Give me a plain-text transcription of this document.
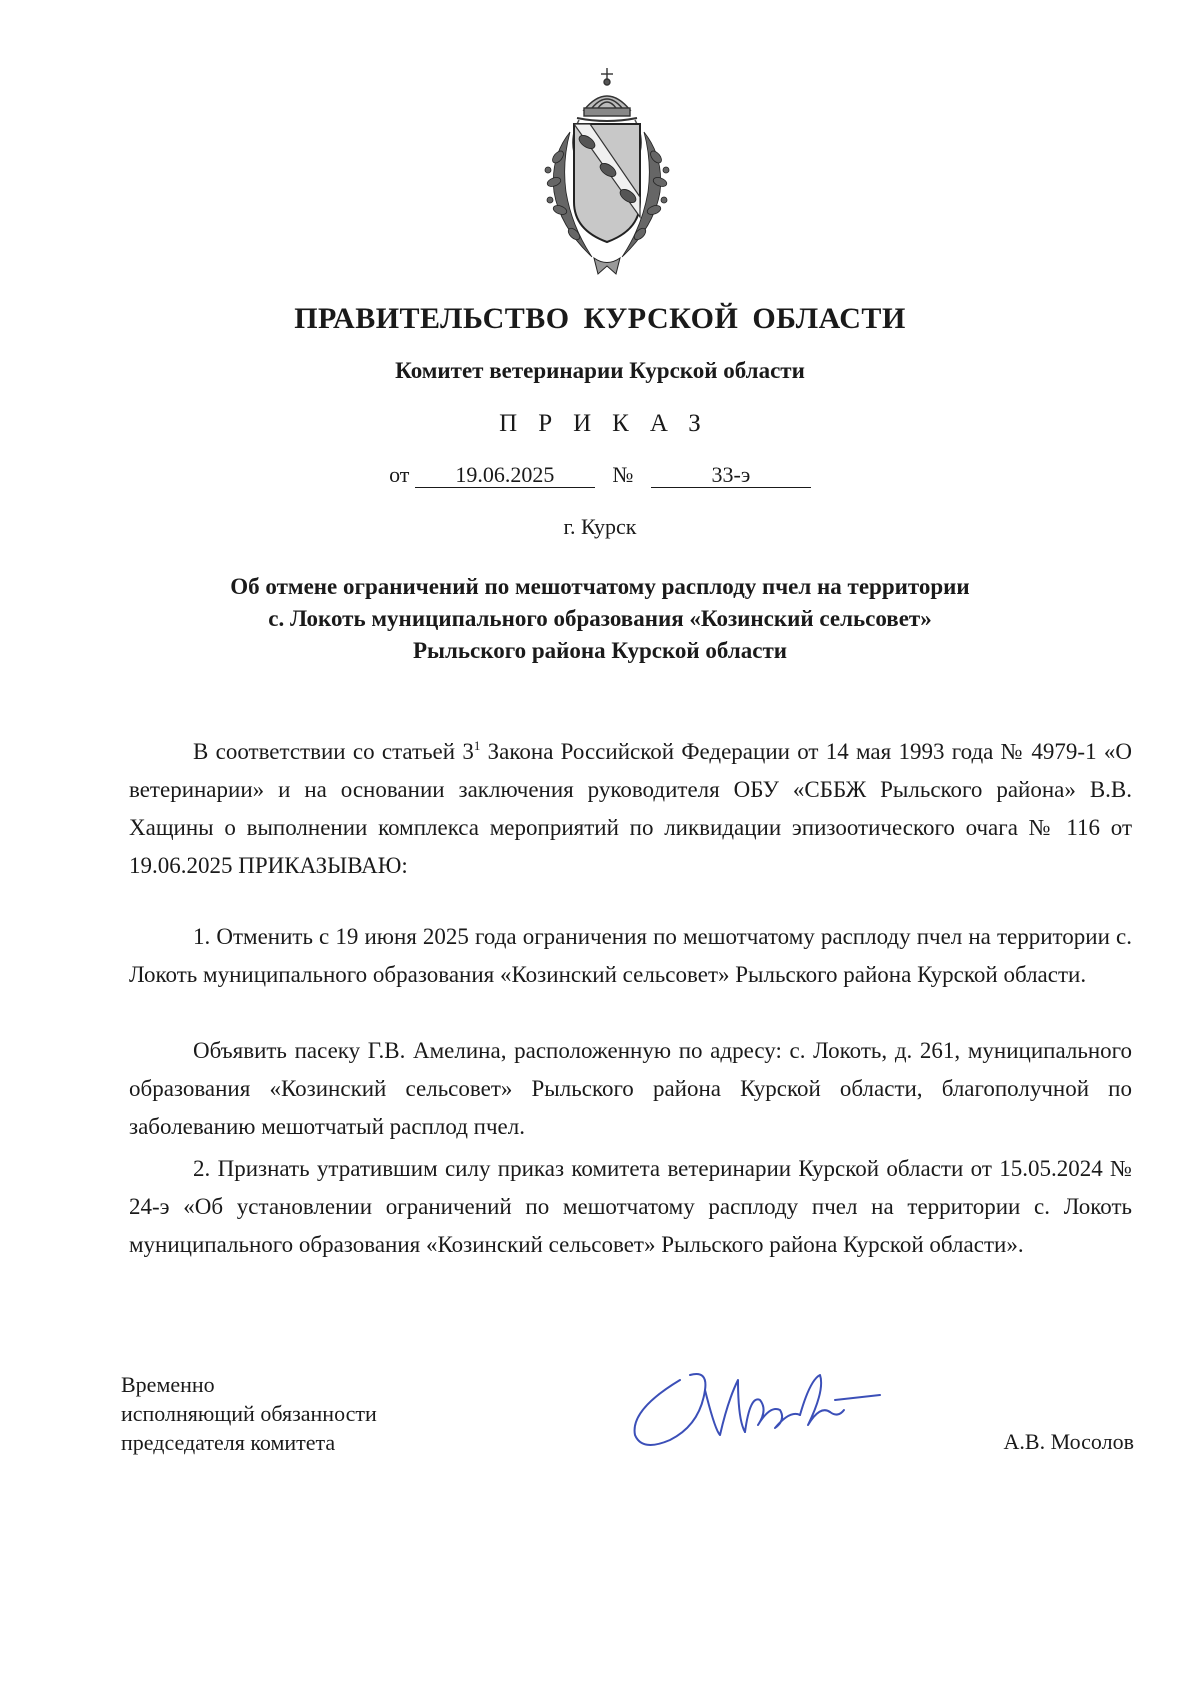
ПРАВИТЕЛЬСТВО КУРСКОЙ ОБЛАСТИ
Комитет ветеринарии Курской области
ПРИКАЗ
от 19.06.2025	№	33-э
г. Курск
Об отмене ограничений по мешотчатому расплоду пчел на территории
с. Локоть муниципального образования «Козинский сельсовет»
Рыльского района Курской области

В соответствии со статьей $3^1$ Закона Российской Федерации от 14 мая 1993 года № 4979-1 «О ветеринарии» и на основании заключения руководителя ОБУ «СББЖ Рыльского района» В.В. Хащины о выполнении комплекса мероприятий по ликвидации эпизоотического очага № 116 от 19.06.2025 ПРИКАЗЫВАЮ:

1. Отменить с 19 июня 2025 года ограничения по мешотчатому расплоду пчел на территории с. Локоть муниципального образования «Козинский сельсовет» Рыльского района Курской области.

Объявить пасеку Г.В. Амелина, расположенную по адресу: с. Локоть, д. 261, муниципального образования «Козинский сельсовет» Рыльского района Курской области, благополучной по заболеванию мешотчатый расплод пчел.

2. Признать утратившим силу приказ комитета ветеринарии Курской области от 15.05.2024 № 24-э «Об установлении ограничений по мешотчатому расплоду пчел на территории с. Локоть муниципального образования «Козинский сельсовет» Рыльского района Курской области».

Временно
исполняющий обязанности
председателя комитета	А.В. Мосолов
